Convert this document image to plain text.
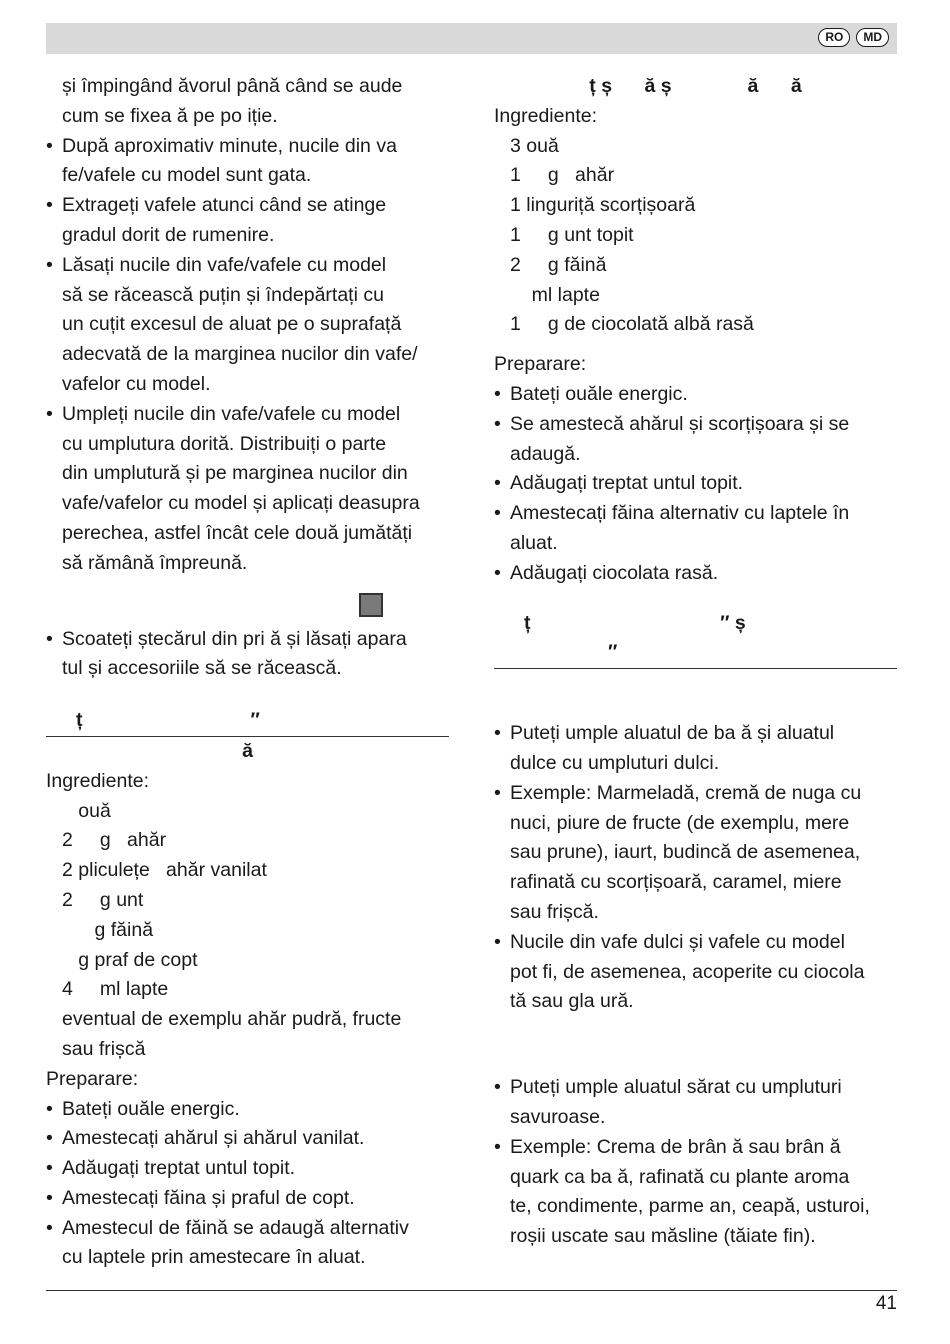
RO	MD
și împingând ăvorul până când se aude
cum se fixea ă pe po iție.
• După aproximativ minute, nucile din va
fe/vafele cu model sunt gata.
• Extrageți vafele atunci când se atinge
gradul dorit de rumenire.
• Lăsați nucile din vafe/vafele cu model
să se răcească puțin și îndepărtați cu
un cuțit excesul de aluat pe o suprafață
adecvată de la marginea nucilor din vafe/
vafelor cu model.
• Umpleți nucile din vafe/vafele cu model
cu umplutura dorită. Distribuiți o parte
din umplutură și pe marginea nucilor din
vafe/vafelor cu model și aplicați deasupra
perechea, astfel încât cele două jumătăți
să rămână împreună.
• Scoateți ștecărul din pri ă și lăsați apara
tul și accesoriile să se răcească.
ț                               ″
ă
Ingrediente:
ouă
2     g   ahăr
2 pliculețe   ahăr vanilat
2     g unt
g făină
g praf de copt
4     ml lapte
eventual de exemplu ahăr pudră, fructe
sau frișcă
Preparare:
• Bateți ouăle energic.
• Amestecați ahărul și ahărul vanilat.
• Adăugați treptat untul topit.
• Amestecați făina și praful de copt.
• Amestecul de făină se adaugă alternativ
cu laptele prin amestecare în aluat.
ț ș      ă ș              ă      ă
Ingrediente:
3 ouă
1     g   ahăr
1 linguriță scorțișoară
1     g unt topit
2     g făină
ml lapte
1     g de ciocolată albă rasă
Preparare:
• Bateți ouăle energic.
• Se amestecă ahărul și scorțișoara și se
adaugă.
• Adăugați treptat untul topit.
• Amestecați făina alternativ cu laptele în
aluat.
• Adăugați ciocolata rasă.
ț                                   ″ ș
″
• Puteți umple aluatul de ba ă și aluatul
dulce cu umpluturi dulci.
• Exemple: Marmeladă, cremă de nuga cu
nuci, piure de fructe (de exemplu, mere
sau prune), iaurt, budincă de asemenea,
rafinată cu scorțișoară, caramel, miere
sau frișcă.
• Nucile din vafe dulci și vafele cu model
pot fi, de asemenea, acoperite cu ciocola
tă sau gla ură.
• Puteți umple aluatul sărat cu umpluturi
savuroase.
• Exemple: Crema de brân ă sau brân ă
quark ca ba ă, rafinată cu plante aroma
te, condimente, parme an, ceapă, usturoi,
roșii uscate sau măsline (tăiate fin).
41
